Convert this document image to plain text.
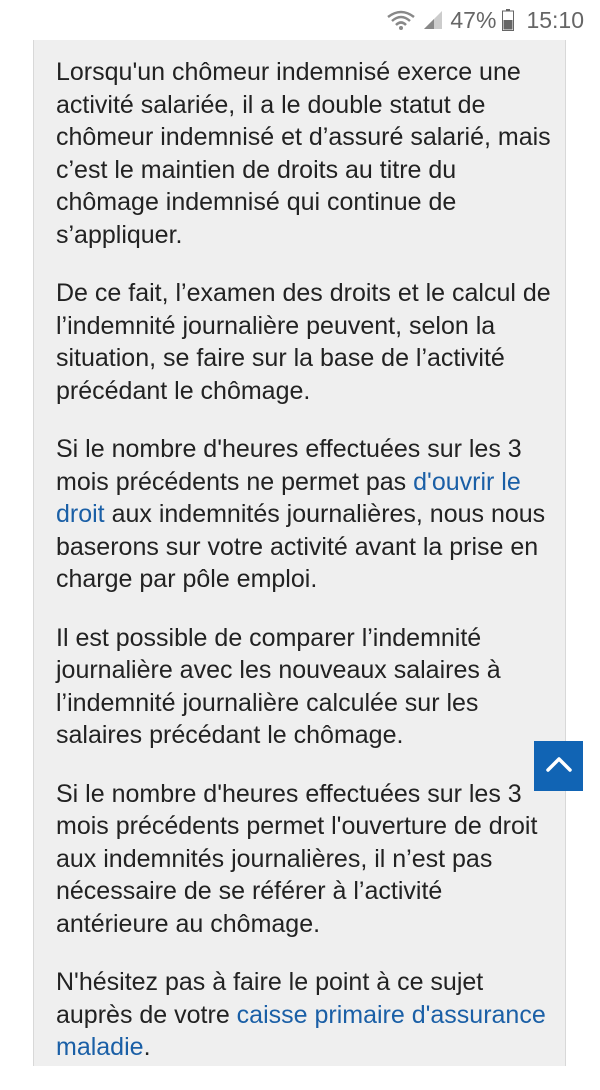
47% 15:10

Lorsqu'un chômeur indemnisé exerce une activité salariée, il a le double statut de chômeur indemnisé et d’assuré salarié, mais c’est le maintien de droits au titre du chômage indemnisé qui continue de s’appliquer.

De ce fait, l’examen des droits et le calcul de l’indemnité journalière peuvent, selon la situation, se faire sur la base de l’activité précédant le chômage.

Si le nombre d'heures effectuées sur les 3 mois précédents ne permet pas d'ouvrir le droit aux indemnités journalières, nous nous baserons sur votre activité avant la prise en charge par pôle emploi.

Il est possible de comparer l’indemnité journalière avec les nouveaux salaires à l’indemnité journalière calculée sur les salaires précédant le chômage.

Si le nombre d'heures effectuées sur les 3 mois précédents permet l'ouverture de droit aux indemnités journalières, il n’est pas nécessaire de se référer à l’activité antérieure au chômage.

N'hésitez pas à faire le point à ce sujet auprès de votre caisse primaire d'assurance maladie.
